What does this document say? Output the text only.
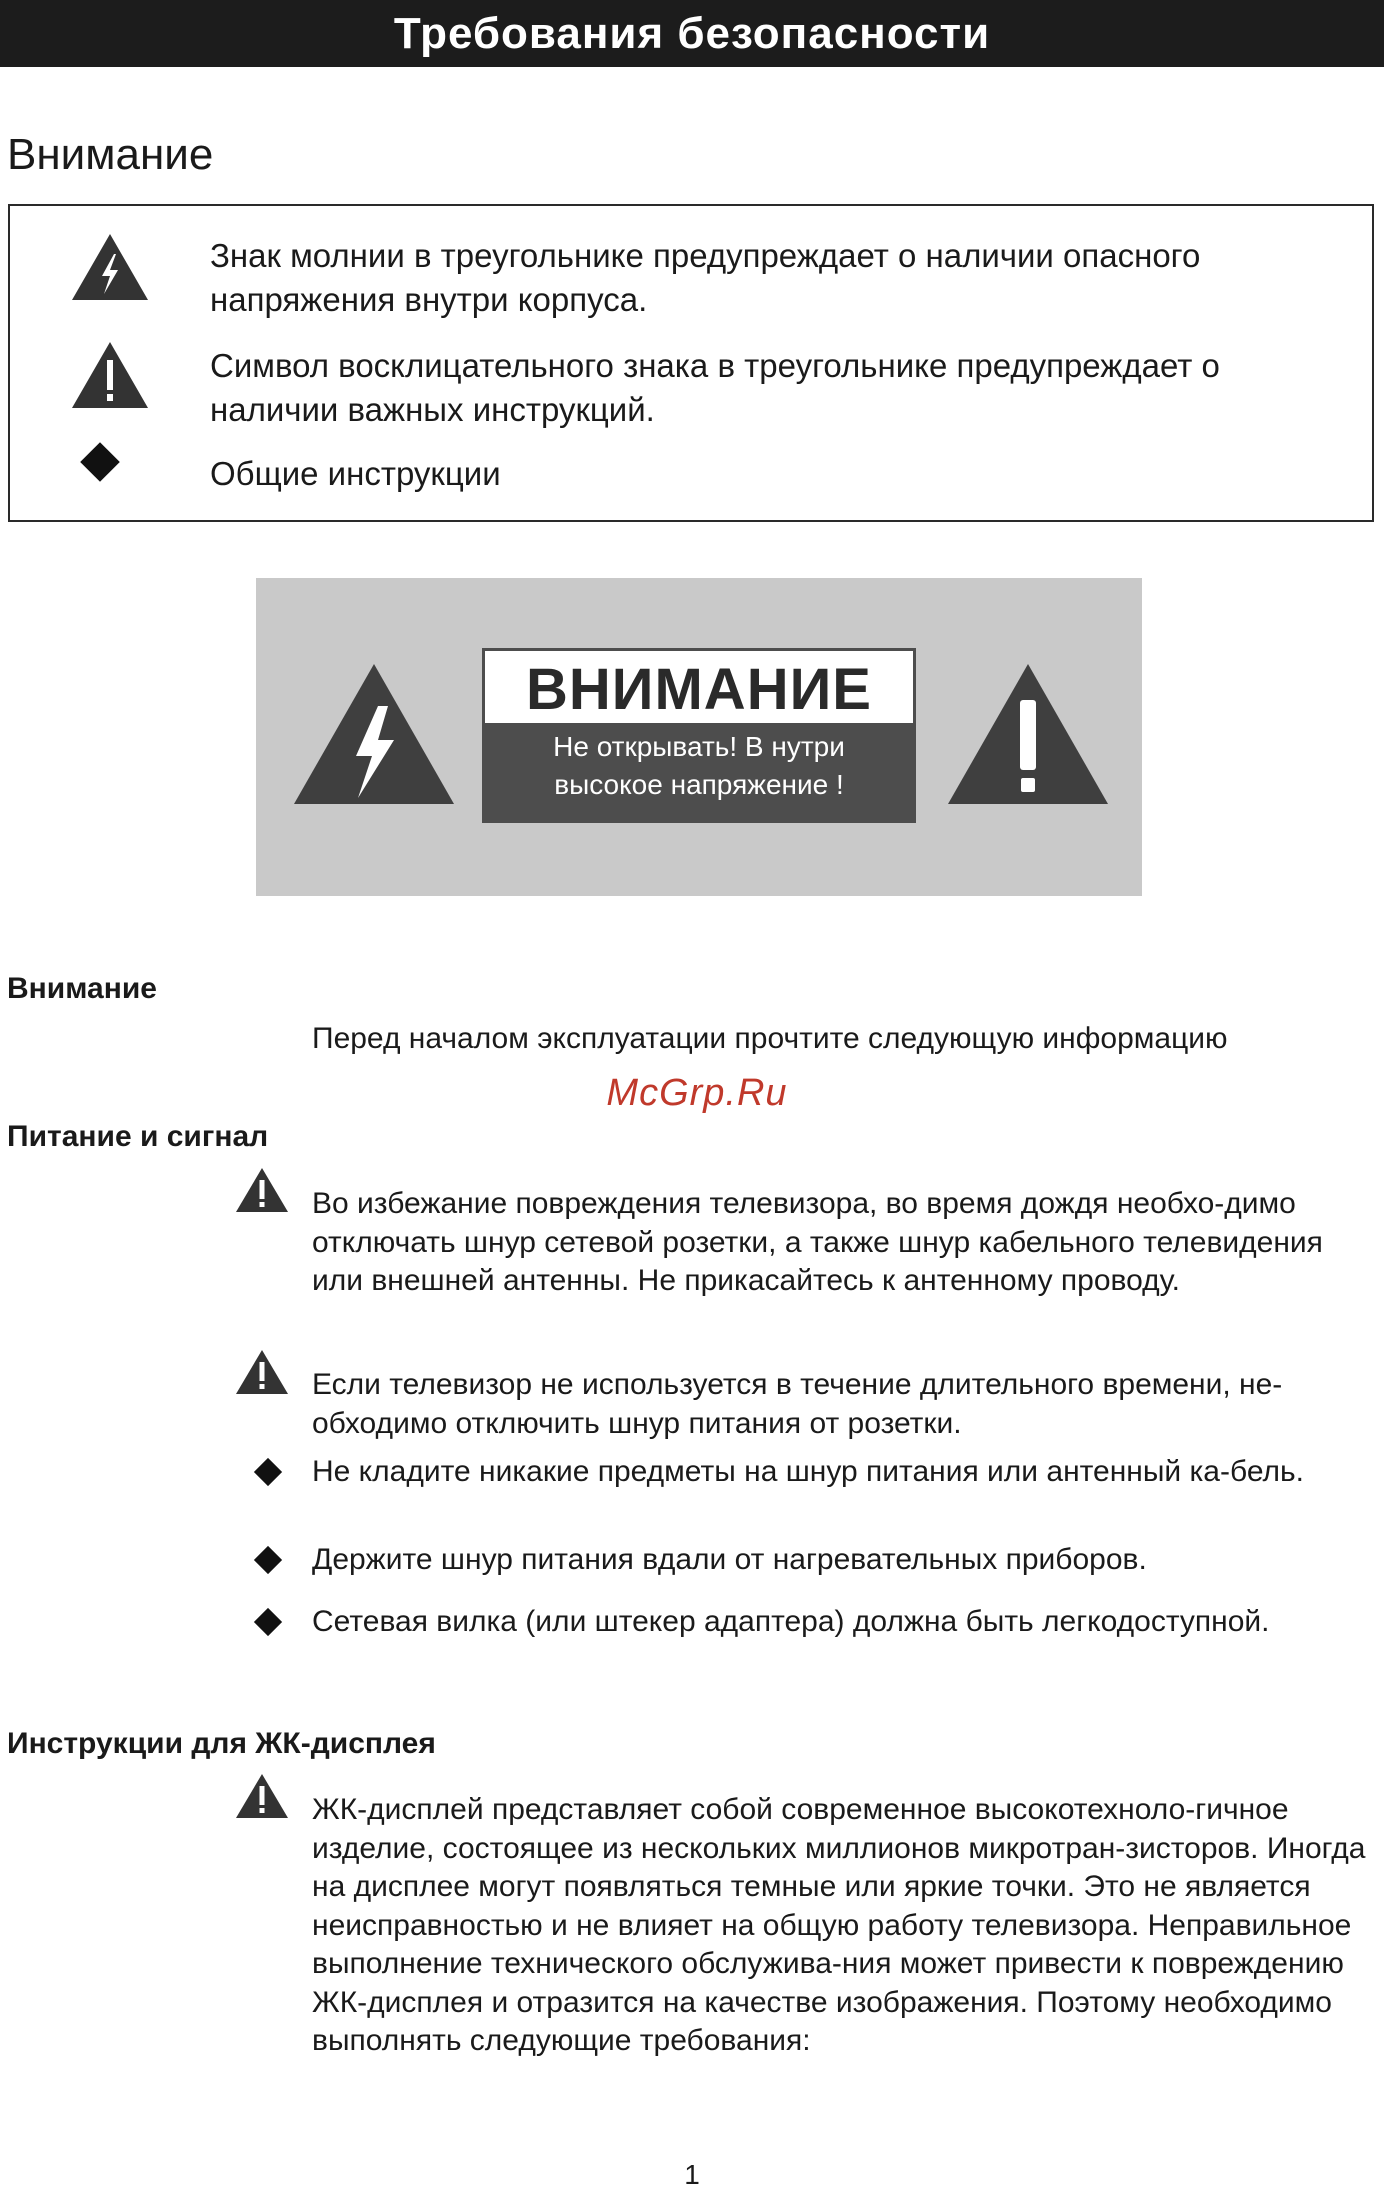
Требования безопасности
Внимание
Знак молнии в треугольнике предупреждает о наличии опасного напряжения внутри корпуса.
Символ восклицательного знака в треугольнике предупреждает о наличии важных инструкций.
Общие инструкции
ВНИМАНИЕ
Не открывать! В нутри
высокое напряжение !
Внимание
Перед началом эксплуатации прочтите следующую информацию
McGrp.Ru
Питание и сигнал
Во избежание повреждения телевизора, во время дождя необхо-димо отключать шнур сетевой розетки, а также шнур кабельного телевидения или внешней антенны. Не прикасайтесь к антенному проводу.
Если телевизор не используется в течение длительного времени, не-обходимо отключить шнур питания от розетки.
Не кладите никакие предметы на шнур питания или антенный ка-бель.
Держите шнур питания вдали от нагревательных приборов.
Сетевая вилка (или штекер адаптера) должна быть легкодоступной.
Инструкции для ЖК-дисплея
ЖК-дисплей представляет собой современное высокотехноло-гичное изделие, состоящее из нескольких миллионов микротран-зисторов. Иногда на дисплее могут появляться темные или яркие точки. Это не является неисправностью и не влияет на общую работу телевизора. Неправильное выполнение технического обслужива-ния может привести к повреждению ЖК-дисплея и отразится на качестве изображения. Поэтому необходимо выполнять следующие требования:
1
